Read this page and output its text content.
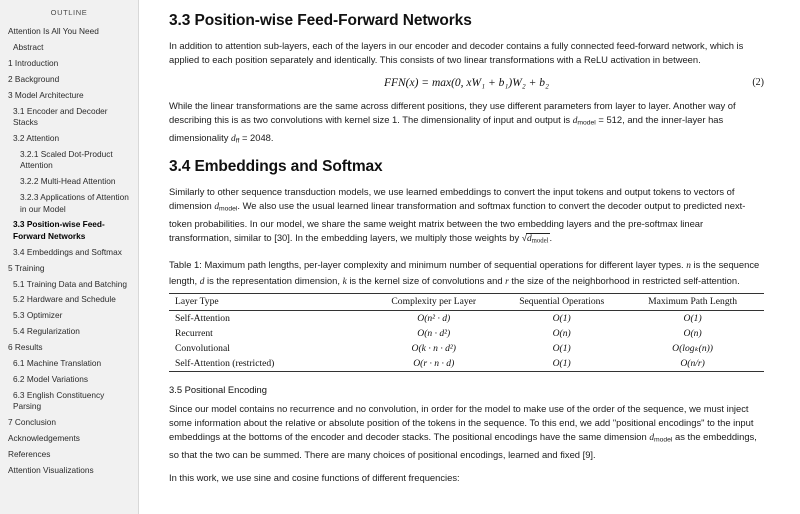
OUTLINE
Attention Is All You Need
Abstract
1 Introduction
2 Background
3 Model Architecture
3.1 Encoder and Decoder Stacks
3.2 Attention
3.2.1 Scaled Dot-Product Attention
3.2.2 Multi-Head Attention
3.2.3 Applications of Attention in our Model
3.3 Position-wise Feed-Forward Networks
3.4 Embeddings and Softmax
5 Training
5.1 Training Data and Batching
5.2 Hardware and Schedule
5.3 Optimizer
5.4 Regularization
6 Results
6.1 Machine Translation
6.2 Model Variations
6.3 English Constituency Parsing
7 Conclusion
Acknowledgements
References
Attention Visualizations
3.3 Position-wise Feed-Forward Networks

In addition to attention sub-layers, each of the layers in our encoder and decoder contains a fully connected feed-forward network, which is applied to each position separately and identically. This consists of two linear transformations with a ReLU activation in between.

FFN(x) = max(0, xW₁ + b₁)W₂ + b₂	(2)

While the linear transformations are the same across different positions, they use different parameters from layer to layer. Another way of describing this is as two convolutions with kernel size 1. The dimensionality of input and output is dmodel = 512, and the inner-layer has dimensionality dff = 2048.

3.4 Embeddings and Softmax

Similarly to other sequence transduction models, we use learned embeddings to convert the input tokens and output tokens to vectors of dimension dmodel. We also use the usual learned linear transformation and softmax function to convert the decoder output to predicted next-token probabilities. In our model, we share the same weight matrix between the two embedding layers and the pre-softmax linear transformation, similar to [30]. In the embedding layers, we multiply those weights by √dmodel.

Table 1: Maximum path lengths, per-layer complexity and minimum number of sequential operations for different layer types. n is the sequence length, d is the representation dimension, k is the kernel size of convolutions and r the size of the neighborhood in restricted self-attention.

Layer Type	Complexity per Layer	Sequential Operations	Maximum Path Length
Self-Attention	O(n² · d)	O(1)	O(1)
Recurrent	O(n · d²)	O(n)	O(n)
Convolutional	O(k · n · d²)	O(1)	O(logₖ(n))
Self-Attention (restricted)	O(r · n · d)	O(1)	O(n/r)
3.5 Positional Encoding

Since our model contains no recurrence and no convolution, in order for the model to make use of the order of the sequence, we must inject some information about the relative or absolute position of the tokens in the sequence. To this end, we add "positional encodings" to the input embeddings at the bottoms of the encoder and decoder stacks. The positional encodings have the same dimension dmodel as the embeddings, so that the two can be summed. There are many choices of positional encodings, learned and fixed [9].

In this work, we use sine and cosine functions of different frequencies:
